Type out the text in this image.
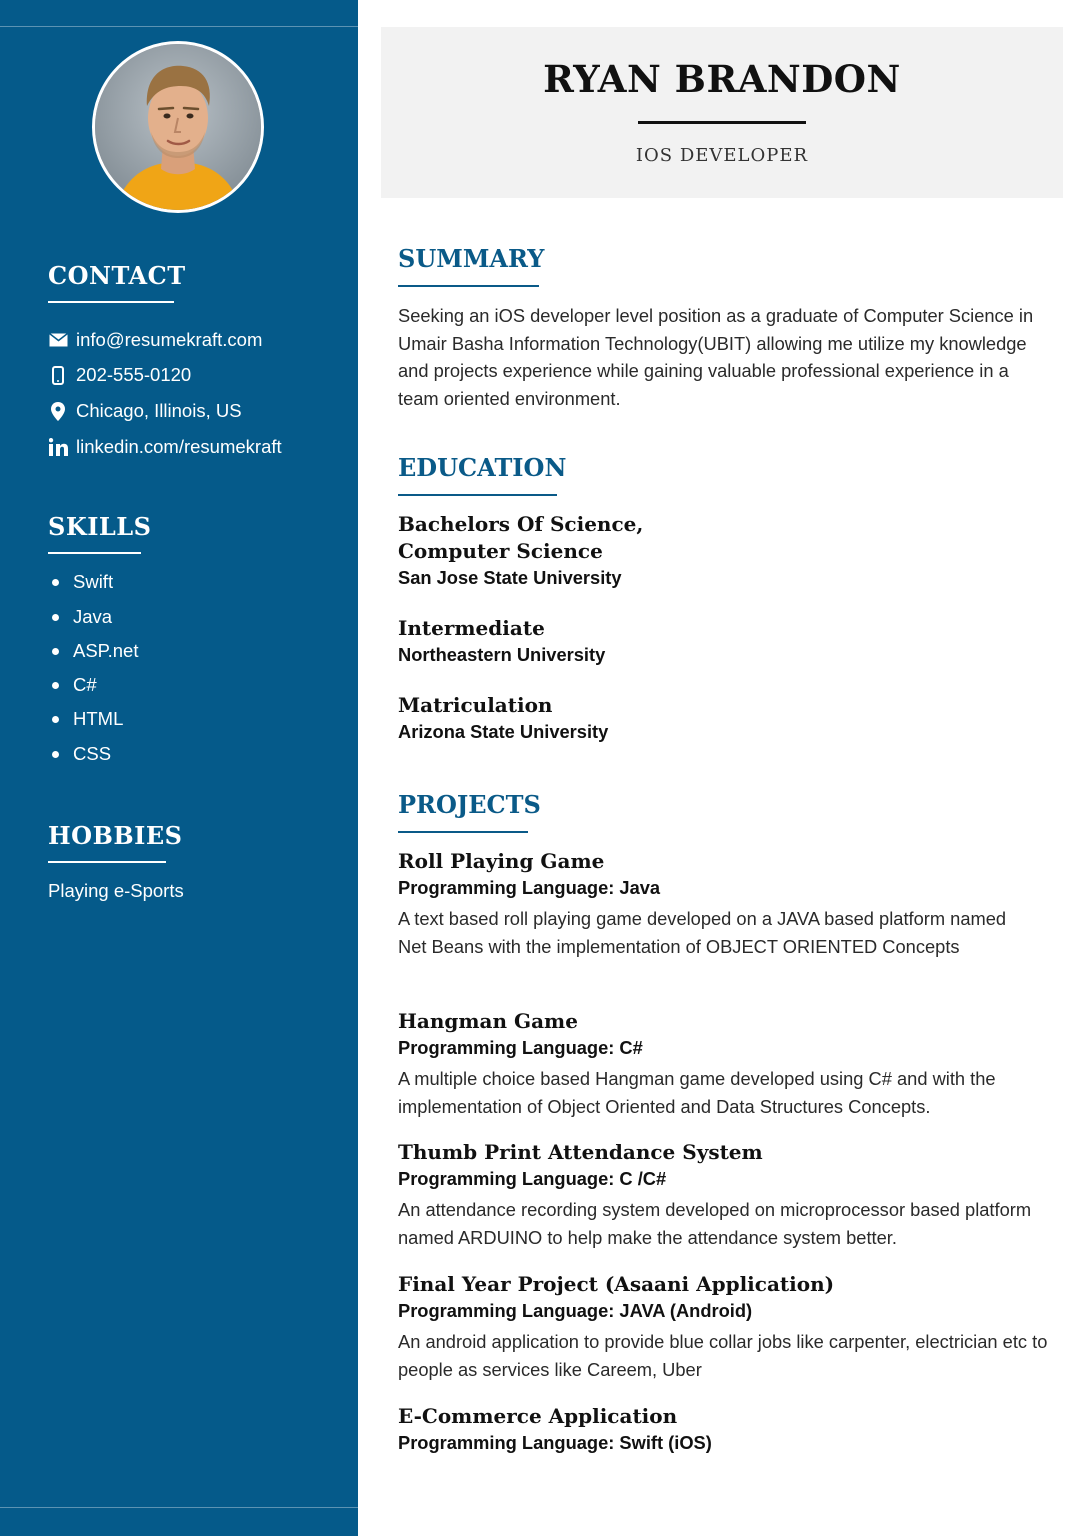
CONTACT
info@resumekraft.com
202-555-0120
Chicago, Illinois, US
linkedin.com/resumekraft
SKILLS
Swift
Java
ASP.net
C#
HTML
CSS
HOBBIES
Playing e-Sports
RYAN BRANDON
IOS DEVELOPER
SUMMARY
Seeking an iOS developer level position as a graduate of Computer Science in Umair Basha Information Technology(UBIT) allowing me utilize my knowledge and projects experience while gaining valuable professional experience in a team oriented environment.
EDUCATION
Bachelors Of Science, Computer Science
San Jose State University
Intermediate
Northeastern University
Matriculation
Arizona State University
PROJECTS
Roll Playing Game
Programming Language: Java
A text based roll playing game developed on a JAVA based platform named Net Beans with the implementation of OBJECT ORIENTED Concepts
Hangman Game
Programming Language: C#
A multiple choice based Hangman game developed using C# and with the implementation of Object Oriented and Data Structures Concepts.
Thumb Print Attendance System
Programming Language: C /C#
An attendance recording system developed on microprocessor based platform named ARDUINO to help make the attendance system better.
Final Year Project (Asaani Application)
Programming Language: JAVA (Android)
An android application to provide blue collar jobs like carpenter, electrician etc to people as services like Careem, Uber
E-Commerce Application
Programming Language: Swift (iOS)
